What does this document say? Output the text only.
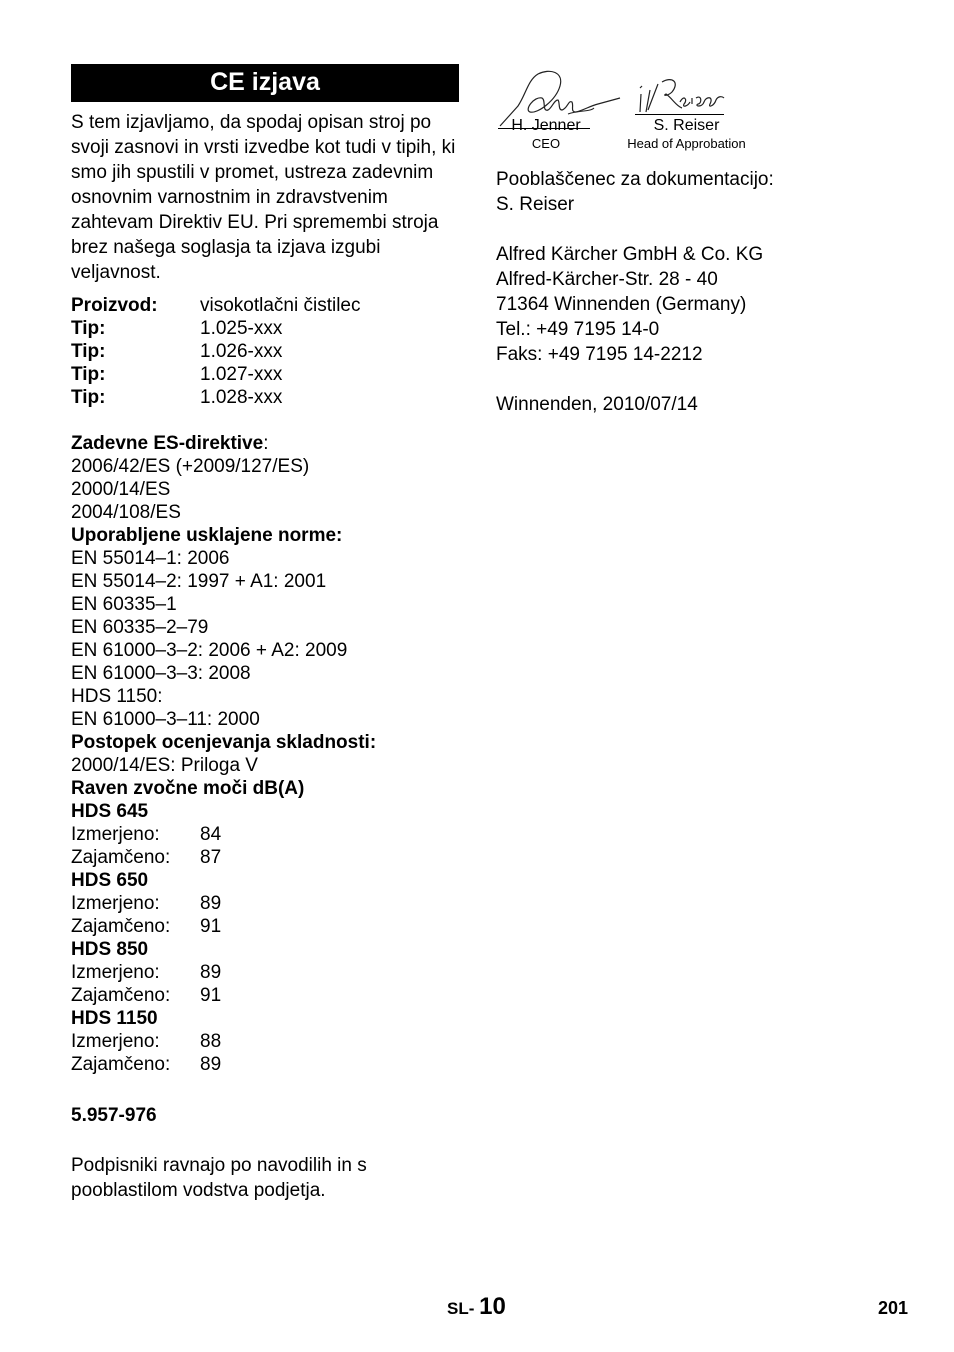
CE izjava
S tem izjavljamo, da spodaj opisan stroj po svoji zasnovi in vrsti izvedbe kot tudi v tipih, ki smo jih spustili v promet, ustreza zadevnim osnovnim varnostnim in zdravstvenim zahtevam Direktiv EU. Pri spremembi stroja brez našega soglasja ta izjava izgubi veljavnost.
Proizvod:	visokotlačni čistilec
Tip:	1.025-xxx
Tip:	1.026-xxx
Tip:	1.027-xxx
Tip:	1.028-xxx
Zadevne ES-direktive:
2006/42/ES (+2009/127/ES)
2000/14/ES
2004/108/ES
Uporabljene usklajene norme:
EN 55014–1: 2006
EN 55014–2: 1997 + A1: 2001
EN 60335–1
EN 60335–2–79
EN 61000–3–2: 2006 + A2: 2009
EN 61000–3–3: 2008
HDS 1150:
EN 61000–3–11: 2000
Postopek ocenjevanja skladnosti:
2000/14/ES: Priloga V
Raven zvočne moči dB(A)
HDS 645
Izmerjeno:	84
Zajamčeno:	87
HDS 650
Izmerjeno:	89
Zajamčeno:	91
HDS 850
Izmerjeno:	89
Zajamčeno:	91
HDS 1150
Izmerjeno:	88
Zajamčeno:	89
5.957-976
Podpisniki ravnajo po navodilih in s pooblastilom vodstva podjetja.
H. Jenner
CEO
S. Reiser
Head of Approbation
Pooblaščenec za dokumentacijo:
S. Reiser
Alfred Kärcher GmbH & Co. KG
Alfred-Kärcher-Str. 28 - 40
71364 Winnenden (Germany)
Tel.: +49 7195 14-0
Faks: +49 7195 14-2212
Winnenden, 2010/07/14
SL- 10	201
